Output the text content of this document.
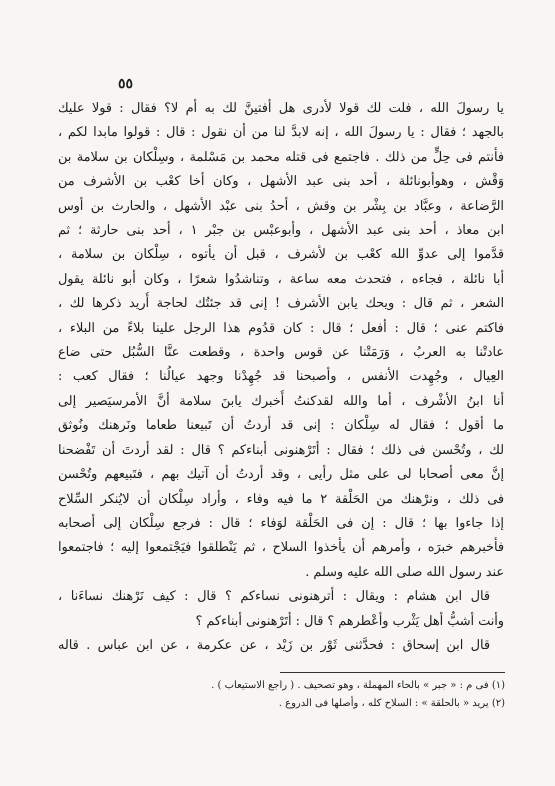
٥٥
يا رسولَ الله ، فلت لك قولا لأدرى هل أفتينَّ لك به أم لا؟ فقال : قولا عليك
بالجهد ؛ فقال : يا رسولَ الله ، إنه لابدَّ لنا من أن نقول : قال : قولوا مابدا لكم ،
فأنتم فى حِلٍّ من ذلك . فاجتمع فى قتله محمد بن مَسْلمة ، وسِلْكان بن سلامة بن
وَقْش ، وهوأبونائلة ، أحد بنى عبد الأشهل ، وكان أخا كعْب بن الأشرف من
الرَّضاعة ، وعبَّاد بن بِشْر بن وقش ، أحدُ بنى عبْد الأشهل ، والحارث بن أوس
ابن معاذ ، أحد بنى عبد الأشهل ، وأبوعبْس بن جبْر ١ ، أحد بنى حارثة ؛ ثم
قدَّموا إلى عدوِّ الله كعْب بن لأشرف ، قبل أن يأتوه ، سِلْكان بن سلامة ،
أبا نائلة ، فجاءه ، فتحدث معه ساعة ، وتناشدُوا شعرًا ، وكان أبو نائلة يقول
الشعر ، ثم قال : ويحك يابن الأشرف ! إنى قد جئتُك لحاجة أُريد ذكرها لك ،
فاكتم عنى ؛ قال : أفعل ؛ قال : كان قدُوم هذا الرجل علينا بلاءً من البلاء ،
عادتْنا به العربُ ، وَرَمَتْنا عن قوس واحدة ، وقطعت عنَّا السُّبُل حتى ضاع
العِيال ، وجُهِدت الأنفس ، وأصبحنا قد جُهِدْنا وجهد عيالُنا ؛ فقال كعب :
أنا ابنُ الأشْرف ، أما والله لقدكنتُ أُخبرك يابنَ سلامة أنَّ الأمرسيَصير إلى
ما أقول ؛ فقال له سِلْكان : إنى قد أردتُ أن تَبيعنا طعاما ونَرهنك ونُوثق
لك ، وتُحْسن فى ذلك ؛ فقال : أتَرْهنونى أبناءكم ؟ قال : لقد أردتَ أن تَفْضحنا
إنَّ معى أصحابا لى على مثل رأيى ، وقد أردتُ أن آتيك بهم ، فتَبيعهم وتُحْسن
فى ذلك ، ونرْهنك من الحَلْقة ٢ ما فيه وفاء ، وأراد سِلْكان أن لايُنكر السِّلاح
إذا جاءوا بها ؛ قال : إن فى الحَلْقة لوَفاء ؛ قال : فرجع سِلْكان إلى أصحابه
فأخبرهم خبرَه ، وأمرهم أن يأخذوا السلاح ، ثم يَنْطلقوا فيَجْتمعوا إليه ؛ فاجتمعوا
عند رسول الله صلى الله عليه وسلم .
قال ابن هشام : ويقال : أترهنونى نساءكم ؟ قال : كيف نَرْهنك نساءَنا ،
وأنت أشبُّ أهل يَثْرب وأعْطرهم ؟ قال : أتَرْهنونى أبناءكم ؟
قال ابن إسحاق : فحدَّثنى ثَوْر بن زَيْد ، عن عكرمة ، عن ابن عباس . قاله
(١) فى م : « جبر » بالحاء المهملة ، وهو تصحيف . ( راجع الاستيعاب ) .
(٢) يريد « بالحلقة » : السلاح كله ، وأصلها فى الدروع .
